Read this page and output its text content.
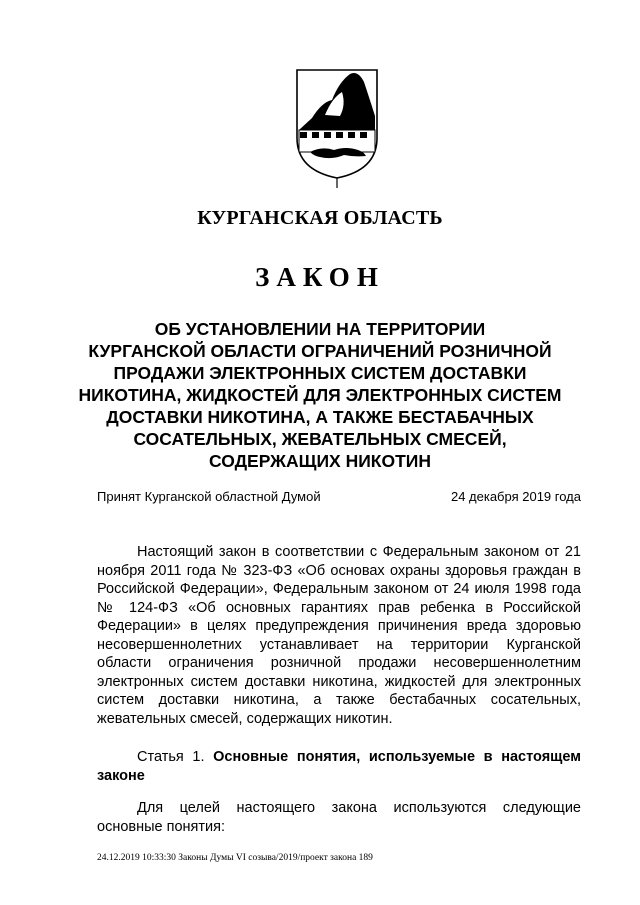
КУРГАНСКАЯ ОБЛАСТЬ
ЗАКОН
ОБ УСТАНОВЛЕНИИ НА ТЕРРИТОРИИ
КУРГАНСКОЙ ОБЛАСТИ ОГРАНИЧЕНИЙ РОЗНИЧНОЙ
ПРОДАЖИ ЭЛЕКТРОННЫХ СИСТЕМ ДОСТАВКИ
НИКОТИНА, ЖИДКОСТЕЙ ДЛЯ ЭЛЕКТРОННЫХ СИСТЕМ
ДОСТАВКИ НИКОТИНА, А ТАКЖЕ БЕСТАБАЧНЫХ
СОСАТЕЛЬНЫХ, ЖЕВАТЕЛЬНЫХ СМЕСЕЙ,
СОДЕРЖАЩИХ НИКОТИН
Принят Курганской областной Думой	24 декабря 2019 года

Настоящий закон в соответствии с Федеральным законом от 21 ноября 2011 года № 323-ФЗ «Об основах охраны здоровья граждан в Российской Федерации», Федеральным законом от 24 июля 1998 года № 124-ФЗ «Об основных гарантиях прав ребенка в Российской Федерации» в целях предупреждения причинения вреда здоровью несовершеннолетних устанавливает на территории Курганской области ограничения розничной продажи несовершеннолетним электронных систем доставки никотина, жидкостей для электронных систем доставки никотина, а также бестабачных сосательных, жевательных смесей, содержащих никотин.

Статья 1. Основные понятия, используемые в настоящем законе

Для целей настоящего закона используются следующие основные понятия:

24.12.2019 10:33:30 Законы Думы VI созыва/2019/проект закона 189
